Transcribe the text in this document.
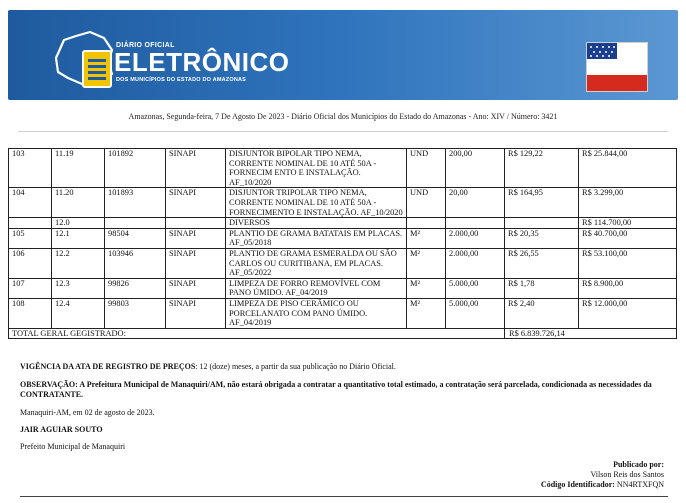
DIÁRIO OFICIAL
ELETRÔNICO
DOS MUNICÍPIOS DO ESTADO DO AMAZONAS
Amazonas, Segunda-feira, 7 De Agosto De 2023 - Diário Oficial dos Municípios do Estado do Amazonas - Ano: XIV / Número: 3421
103	11.19	101892	SINAPI	DISJUNTOR BIPOLAR TIPO NEMA, CORRENTE NOMINAL DE 10 ATÉ 50A - FORNECIM ENTO E INSTALAÇÃO. AF_10/2020	UND	200,00	R$ 129,22	R$ 25.844,00
104	11.20	101893	SINAPI	DISJUNTOR TRIPOLAR TIPO NEMA, CORRENTE NOMINAL DE 10 ATÉ 50A - FORNECIMENTO E INSTALAÇÃO. AF_10/2020	UND	20,00	R$ 164,95	R$ 3.299,00
	12.0			DIVERSOS				R$ 114.700,00
105	12.1	98504	SINAPI	PLANTIO DE GRAMA BATATAIS EM PLACAS. AF_05/2018	M²	2.000,00	R$ 20,35	R$ 40.700,00
106	12.2	103946	SINAPI	PLANTIO DE GRAMA ESMERALDA OU SÃO CARLOS OU CURITIBANA, EM PLACAS. AF_05/2022	M²	2.000,00	R$ 26,55	R$ 53.100,00
107	12.3	99826	SINAPI	LIMPEZA DE FORRO REMOVÍVEL COM PANO ÚMIDO. AF_04/2019	M²	5.000,00	R$ 1,78	R$ 8.900,00
108	12.4	99803	SINAPI	LIMPEZA DE PISO CERÂMICO OU PORCELANATO COM PANO ÚMIDO. AF_04/2019	M²	5.000,00	R$ 2,40	R$ 12.000,00
TOTAL GERAL GEGISTRADO:							R$ 6.839.726,14	
VIGÊNCIA DA ATA DE REGISTRO DE PREÇOS: 12 (doze) meses, a partir da sua publicação no Diário Oficial.
OBSERVAÇÃO: A Prefeitura Municipal de Manaquiri/AM, não estará obrigada a contratar a quantitativo total estimado, a contratação será parcelada, condicionada as necessidades da CONTRATANTE.
Manaquiri-AM, em 02 de agosto de 2023.
JAIR AGUIAR SOUTO
Prefeito Municipal de Manaquiri
Publicado por:
Vilson Reis dos Santos
Código Identificador: NN4RTXFQN
